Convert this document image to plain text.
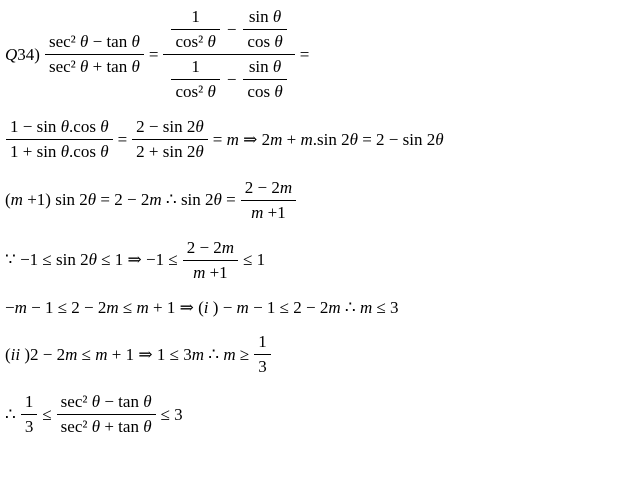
$Q34) \frac{\text{sec² θ − tan θ}}{\text{sec² θ + tan θ}} = \frac{\frac{1}{\text{cos² θ}} - \frac{\text{sin θ}}{\text{cos θ}}}{\frac{1}{\text{cos² θ}} - \frac{\text{sin θ}}{\text{cos θ}}}$ =
$\frac{\text{1 − sin θ.cos θ}}{\text{1 + sin θ.cos θ}} = \frac{2 - \sin 2\theta}{2 + \sin 2\theta} = m$ ⇒ 2m + m.sin 2θ = 2 − sin 2θ
(m +1) sin 2θ = 2 − 2m ∴ $\sin 2\theta = \frac{2 - 2m}{m +1}$
∵ −1 ≤ sin 2θ ≤ 1 ⇒ $-1 \le \frac{2 - 2m}{m +1} \le 1$
−m − 1 ≤ 2 − 2m ≤ m + 1 ⇒ (i ) − m − 1 ≤ 2 − 2m ∴ m ≤ 3
(ii )2 − 2m ≤ m + 1 ⇒ 1 ≤ 3m ∴ $m \ge \frac{1}{3}$
∴ $\frac{1}{3} \le \frac{\text{sec² θ − tan θ}}{\text{sec² θ + tan θ}} \le 3$
